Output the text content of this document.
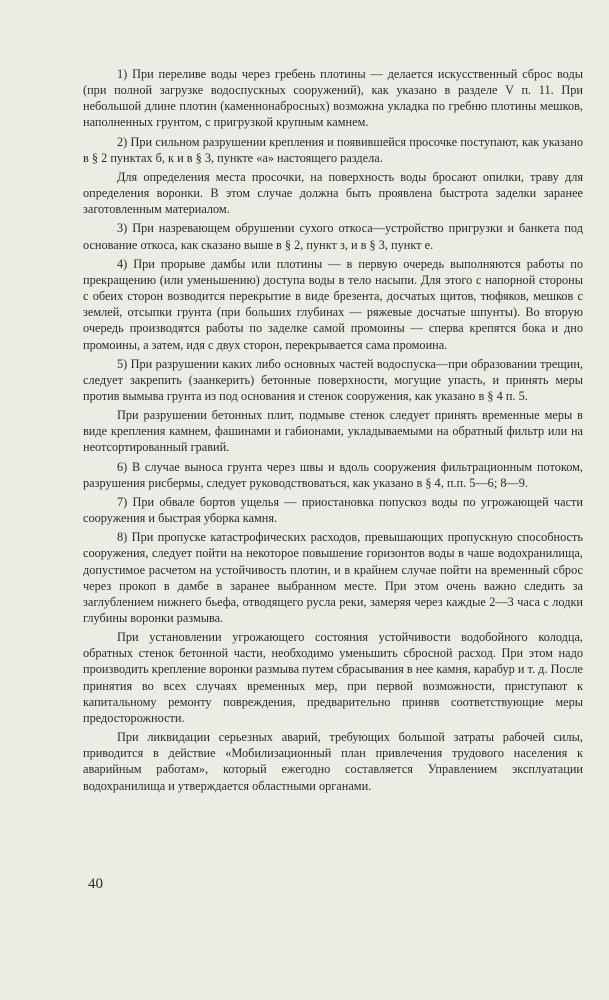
1) При переливе воды через гребень плотины — делается искусственный сброс воды (при полной загрузке водоспускных сооружений), как указано в разделе V п. 11. При небольшой длине плотин (каменнонабросных) возможна укладка по гребню плотины мешков, наполненных грунтом, с пригрузкой крупным камнем.

2) При сильном разрушении крепления и появившейся просочке поступают, как указано в § 2 пунктах б, к и в § 3, пункте «а» настоящего раздела.

Для определения места просочки, на поверхность воды бросают опилки, траву для определения воронки. В этом случае должна быть проявлена быстрота заделки заранее заготовленным материалом.

3) При назревающем обрушении сухого откоса—устройство пригрузки и банкета под основание откоса, как сказано выше в § 2, пункт з, и в § 3, пункт е.

4) При прорыве дамбы или плотины — в первую очередь выполняются работы по прекращению (или уменьшению) доступа воды в тело насыпи. Для этого с напорной стороны с обеих сторон возводится перекрытие в виде брезента, досчатых щитов, тюфяков, мешков с землей, отсыпки грунта (при больших глубинах — ряжевые досчатые шпунты). Во вторую очередь производятся работы по заделке самой промоины — сперва крепятся бока и дно промоины, а затем, идя с двух сторон, перекрывается сама промоина.

5) При разрушении каких либо основных частей водоспуска—при образовании трещин, следует закрепить (заанкерить) бетонные поверхности, могущие упасть, и принять меры против вымыва грунта из под основания и стенок сооружения, как указано в § 4 п. 5.

При разрушении бетонных плит, подмыве стенок следует принять временные меры в виде крепления камнем, фашинами и габионами, укладываемыми на обратный фильтр или на неотсортированный гравий.

6) В случае выноса грунта через швы и вдоль сооружения фильтрационным потоком, разрушения рисбермы, следует руководствоваться, как указано в § 4, п.п. 5—6; 8—9.

7) При обвале бортов ущелья — приостановка попускоз воды по угрожающей части сооружения и быстрая уборка камня.

8) При пропуске катастрофических расходов, превышающих пропускную способность сооружения, следует пойти на некоторое повышение горизонтов воды в чаше водохранилища, допустимое расчетом на устойчивость плотин, и в крайнем случае пойти на временный сброс через прокоп в дамбе в заранее выбранном месте. При этом очень важно следить за заглублением нижнего бьефа, отводящего русла реки, замеряя через каждые 2—3 часа с лодки глубины воронки размыва.

При установлении угрожающего состояния устойчивости водобойного колодца, обратных стенок бетонной части, необходимо уменьшить сбросной расход. При этом надо производить крепление воронки размыва путем сбрасывания в нее камня, карабур и т. д. После принятия во всех случаях временных мер, при первой возможности, приступают к капитальному ремонту повреждения, предварительно приняв соответствующие меры предосторожности.

При ликвидации серьезных аварий, требующих большой затраты рабочей силы, приводится в действие «Мобилизационный план привлечения трудового населения к аварийным работам», который ежегодно составляется Управлением эксплуатации водохранилища и утверждается областными органами.

40
